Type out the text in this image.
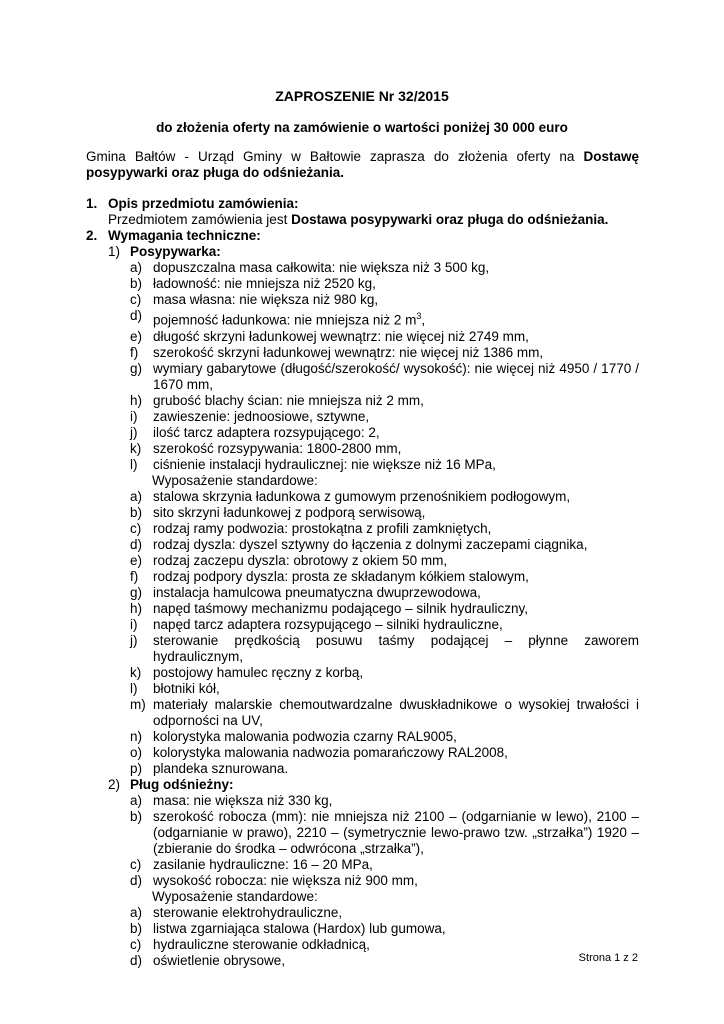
ZAPROSZENIE Nr 32/2015
do złożenia oferty na zamówienie o wartości poniżej 30 000 euro
Gmina Bałtów - Urząd Gminy w Bałtowie zaprasza do złożenia oferty na Dostawę posypywarki oraz pługa do odśnieżania.
1. Opis przedmiotu zamówienia:
Przedmiotem zamówienia jest Dostawa posypywarki oraz pługa do odśnieżania.
2. Wymagania techniczne:
1) Posypywarka:
a) dopuszczalna masa całkowita: nie większa niż 3 500 kg,
b) ładowność: nie mniejsza niż 2520 kg,
c) masa własna: nie większa niż 980 kg,
d) pojemność ładunkowa: nie mniejsza niż 2 $m^3$,
e) długość skrzyni ładunkowej wewnątrz: nie więcej niż 2749 mm,
f) szerokość skrzyni ładunkowej wewnątrz: nie więcej niż 1386 mm,
g) wymiary gabarytowe (długość/szerokość/ wysokość): nie więcej niż 4950 / 1770 / 1670 mm,
h) grubość blachy ścian: nie mniejsza niż 2 mm,
i) zawieszenie: jednoosiowe, sztywne,
j) ilość tarcz adaptera rozsypującego: 2,
k) szerokość rozsypywania: 1800-2800 mm,
l) ciśnienie instalacji hydraulicznej: nie większe niż 16 MPa,
Wyposażenie standardowe:
a) stalowa skrzynia ładunkowa z gumowym przenośnikiem podłogowym,
b) sito skrzyni ładunkowej z podporą serwisową,
c) rodzaj ramy podwozia: prostokątna z profili zamkniętych,
d) rodzaj dyszla: dyszel sztywny do łączenia z dolnymi zaczepami ciągnika,
e) rodzaj zaczepu dyszla: obrotowy z okiem 50 mm,
f) rodzaj podpory dyszla: prosta ze składanym kółkiem stalowym,
g) instalacja hamulcowa pneumatyczna dwuprzewodowa,
h) napęd taśmowy mechanizmu podającego – silnik hydrauliczny,
i) napęd tarcz adaptera rozsypującego – silniki hydrauliczne,
j) sterowanie prędkością posuwu taśmy podającej – płynne zaworem hydraulicznym,
k) postojowy hamulec ręczny z korbą,
l) błotniki kół,
m) materiały malarskie chemoutwardzalne dwuskładnikowe o wysokiej trwałości i odporności na UV,
n) kolorystyka malowania podwozia czarny RAL9005,
o) kolorystyka malowania nadwozia pomarańczowy RAL2008,
p) plandeka sznurowana.
2) Pług odśnieżny:
a) masa: nie większa niż 330 kg,
b) szerokość robocza (mm): nie mniejsza niż 2100 – (odgarnianie w lewo), 2100 – (odgarnianie w prawo), 2210 – (symetrycznie lewo-prawo tzw. „strzałka”) 1920 – (zbieranie do środka – odwrócona „strzałka”),
c) zasilanie hydrauliczne: 16 – 20 MPa,
d) wysokość robocza: nie większa niż 900 mm,
Wyposażenie standardowe:
a) sterowanie elektrohydrauliczne,
b) listwa zgarniająca stalowa (Hardox) lub gumowa,
c) hydrauliczne sterowanie odkładnicą,
d) oświetlenie obrysowe,	Strona 1 z 2
